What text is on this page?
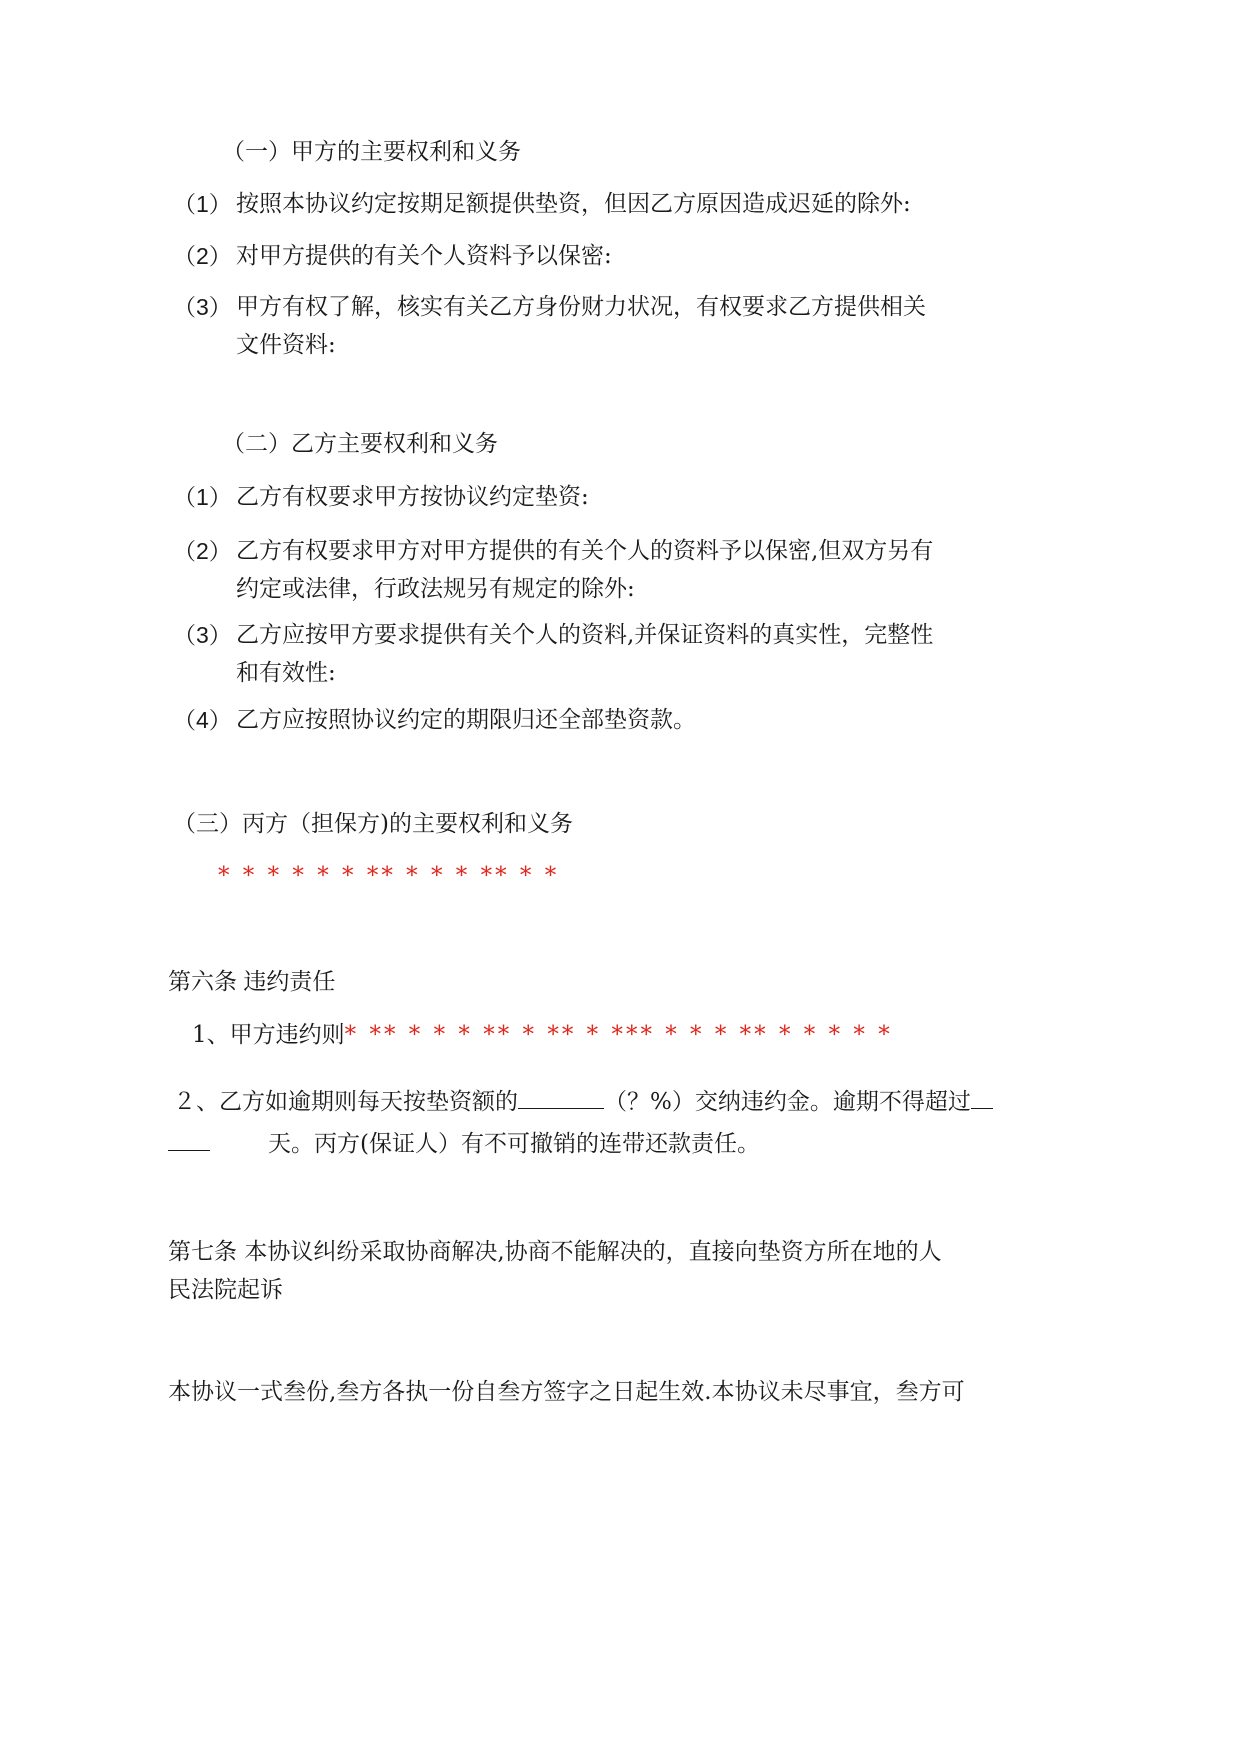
（一）甲方的主要权利和义务
（1） 按照本协议约定按期足额提供垫资，但因乙方原因造成迟延的除外:
（2） 对甲方提供的有关个人资料予以保密:
（3） 甲方有权了解，核实有关乙方身份财力状况，有权要求乙方提供相关文件资料:
（二）乙方主要权利和义务
（1） 乙方有权要求甲方按协议约定垫资:
（2） 乙方有权要求甲方对甲方提供的有关个人的资料予以保密,但双方另有约定或法律，行政法规另有规定的除外:
（3） 乙方应按甲方要求提供有关个人的资料,并保证资料的真实性，完整性和有效性:
（4） 乙方应按照协议约定的期限归还全部垫资款。
（三）丙方（担保方)的主要权利和义务
* * * * * * ** * * * ** * *
第六条 违约责任
1、甲方违约则* ** * * * ** * ** * *** * * * ** * * * * *
２、乙方如逾期则每天按垫资额的	（？%）交纳违约金。逾期不得超过
天。丙方(保证人）有不可撤销的连带还款责任。
第七条 本协议纠纷采取协商解决,协商不能解决的，直接向垫资方所在地的人民法院起诉
本协议一式叁份,叁方各执一份自叁方签字之日起生效.本协议未尽事宜，叁方可
